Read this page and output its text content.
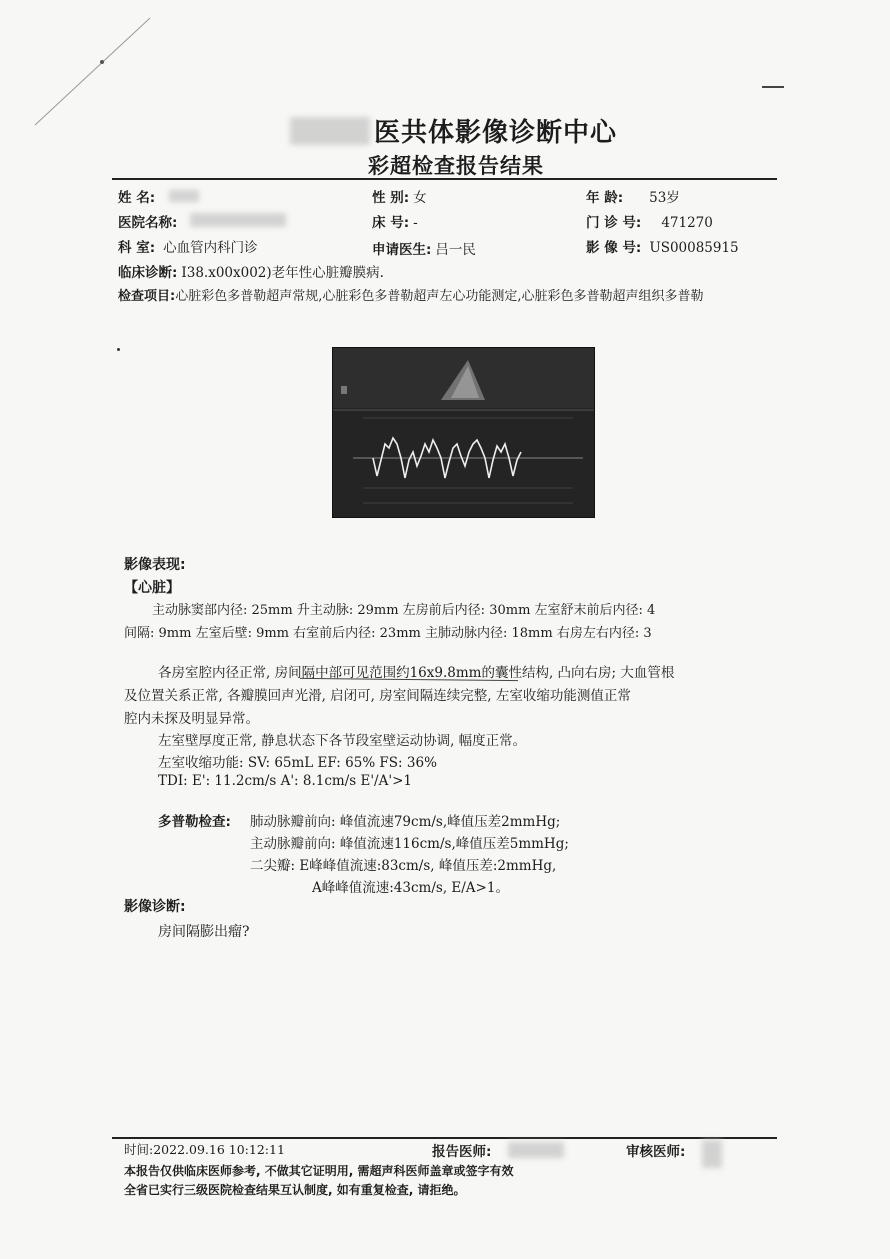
医共体影像诊断中心
彩超检查报告结果
姓 名:	性 别: 女	年 龄: 53岁
医院名称:	床 号: -	门 诊 号: 471270
科 室: 心血管内科门诊	申请医生: 吕一民	影 像 号: US00085915
临床诊断: I38.x00x002)老年性心脏瓣膜病.
检查项目:心脏彩色多普勒超声常规,心脏彩色多普勒超声左心功能测定,心脏彩色多普勒超声组织多普勒
影像表现:
【心脏】
主动脉窦部内径: 25mm 升主动脉: 29mm 左房前后内径: 30mm 左室舒末前后内径: 4
间隔: 9mm 左室后壁: 9mm 右室前后内径: 23mm 主肺动脉内径: 18mm 右房左右内径: 3
各房室腔内径正常, 房间隔中部可见范围约16x9.8mm的囊性结构, 凸向右房; 大血管根
及位置关系正常, 各瓣膜回声光滑, 启闭可, 房室间隔连续完整, 左室收缩功能测值正常
腔内未探及明显异常。
左室壁厚度正常, 静息状态下各节段室壁运动协调, 幅度正常。
左室收缩功能: SV: 65mL EF: 65% FS: 36%
TDI: E': 11.2cm/s A': 8.1cm/s E'/A'>1
多普勒检查: 肺动脉瓣前向: 峰值流速79cm/s,峰值压差2mmHg;
主动脉瓣前向: 峰值流速116cm/s,峰值压差5mmHg;
二尖瓣: E峰峰值流速:83cm/s, 峰值压差:2mmHg,
A峰峰值流速:43cm/s, E/A>1。
影像诊断:
房间隔膨出瘤?
时间:2022.09.16 10:12:11	报告医师:	审核医师:
本报告仅供临床医师参考, 不做其它证明用, 需超声科医师盖章或签字有效
全省已实行三级医院检查结果互认制度, 如有重复检查, 请拒绝。
